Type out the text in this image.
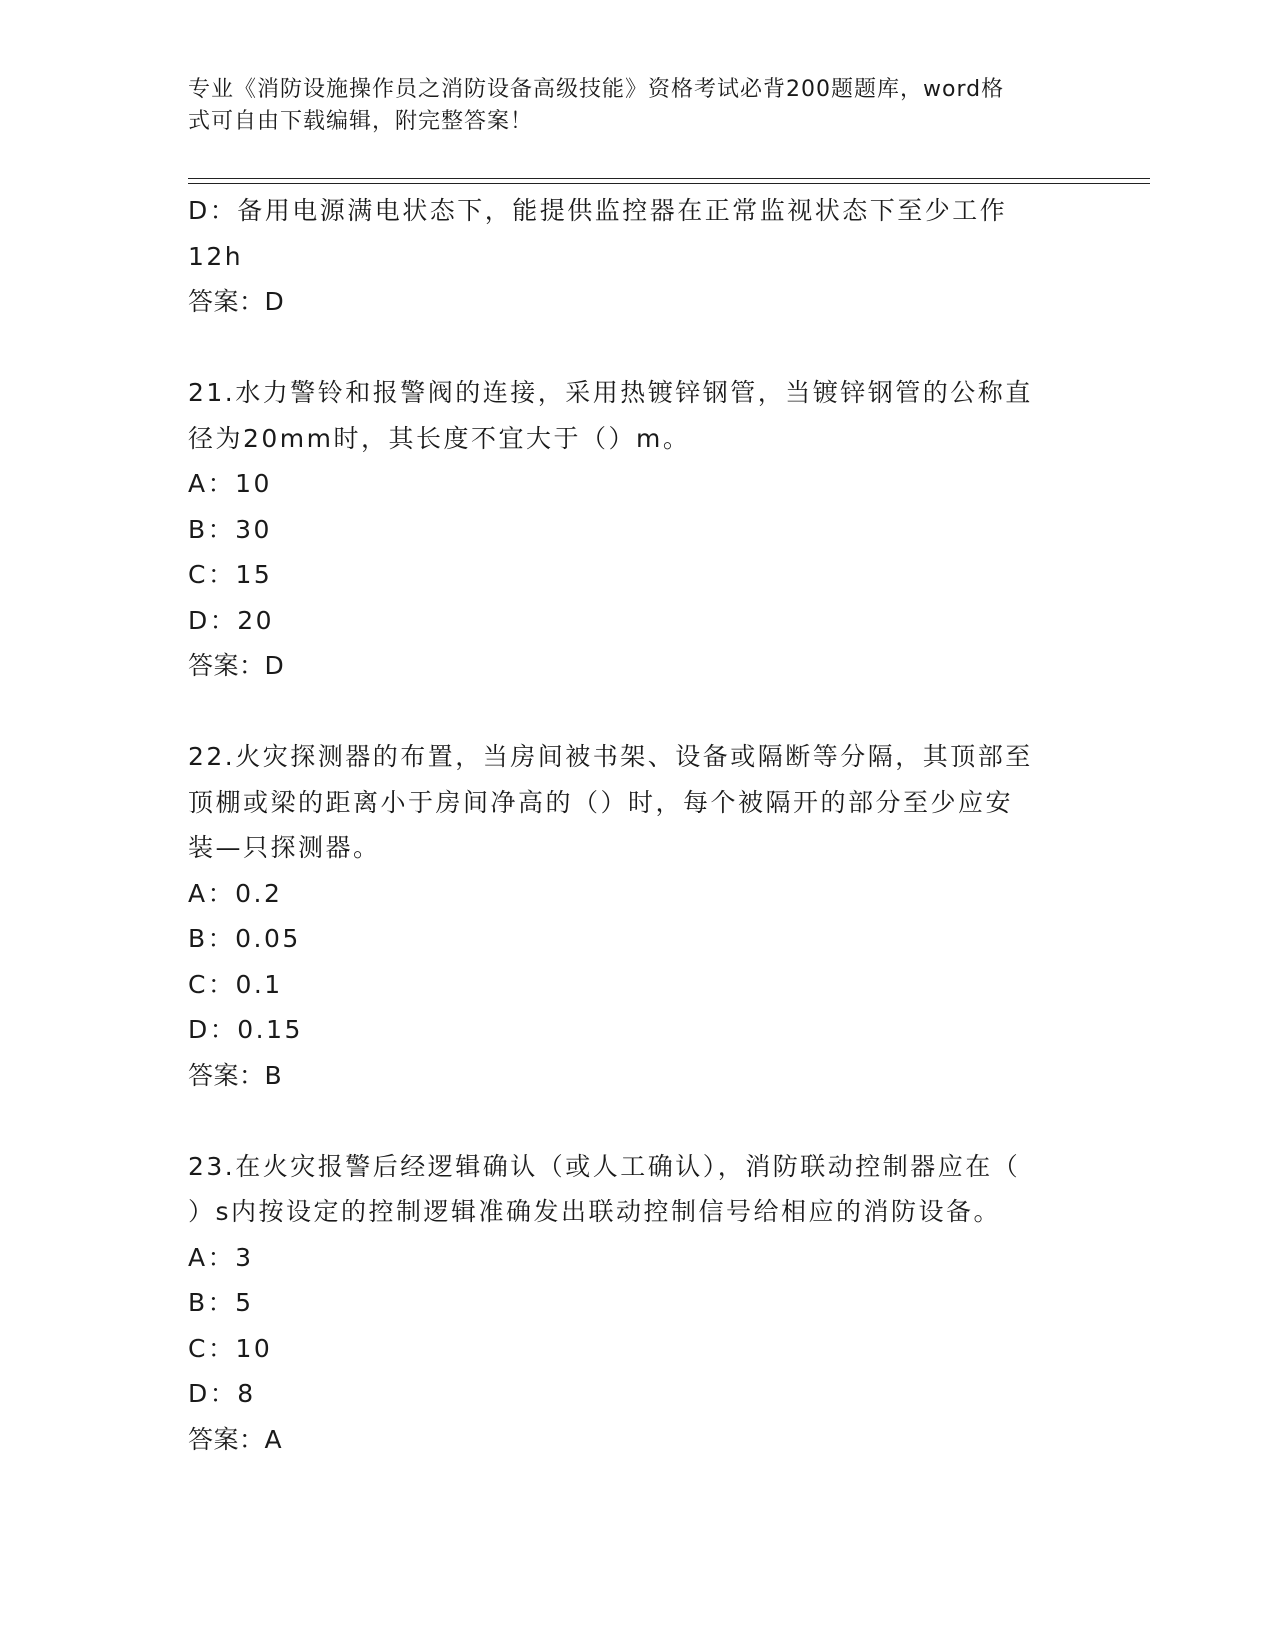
专业《消防设施操作员之消防设备高级技能》资格考试必背200题题库，word格
式可自由下载编辑，附完整答案！

D：备用电源满电状态下，能提供监控器在正常监视状态下至少工作

12h

答案：D

21.水力警铃和报警阀的连接，采用热镀锌钢管，当镀锌钢管的公称直

径为20mm时，其长度不宜大于（）m。

A：10

B：30

C：15

D：20

答案：D

22.火灾探测器的布置，当房间被书架、设备或隔断等分隔，其顶部至

顶棚或梁的距离小于房间净高的（）时，每个被隔开的部分至少应安

装—只探测器。

A：0.2

B：0.05

C：0.1

D：0.15

答案：B

23.在火灾报警后经逻辑确认（或人工确认），消防联动控制器应在（

）s内按设定的控制逻辑准确发出联动控制信号给相应的消防设备。

A：3

B：5

C：10

D：8

答案：A
